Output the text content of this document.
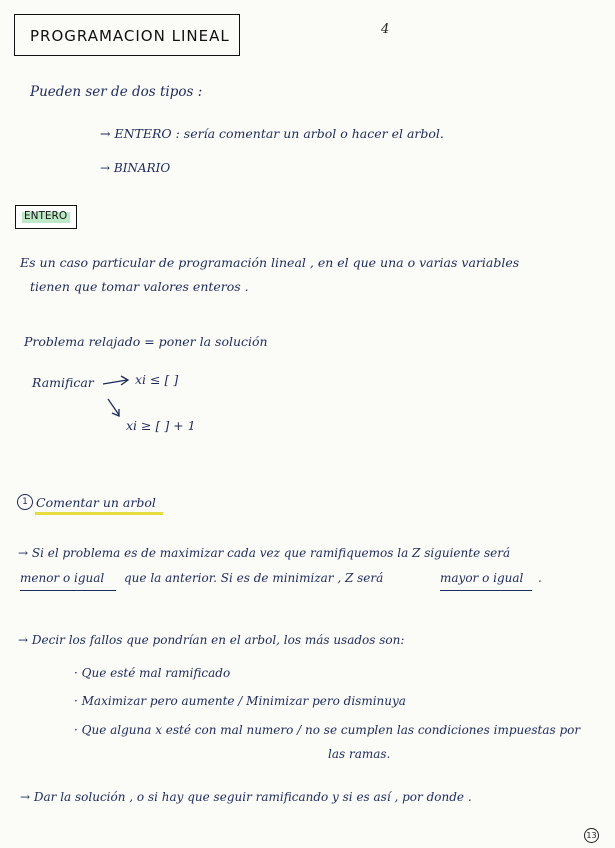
PROGRAMACION LINEAL	4
Pueden ser de dos tipos :
→ ENTERO : sería comentar un arbol o hacer el arbol.
→ BINARIO
ENTERO
Es un caso particular de programación lineal , en el que una o varias variables
tienen que tomar valores enteros .
Problema relajado = poner la solución
Ramificar	xi ≤ [ ]
xi ≥ [ ] + 1
1 Comentar un arbol
→ Si el problema es de maximizar cada vez que ramifiquemos la Z siguiente será
menor o igual que la anterior. Si es de minimizar , Z será	mayor o igual .
→ Decir los fallos que pondrían en el arbol, los más usados son:
· Que esté mal ramificado
· Maximizar pero aumente / Minimizar pero disminuya
· Que alguna x esté con mal numero / no se cumplen las condiciones impuestas por
las ramas.
→ Dar la solución , o si hay que seguir ramificando y si es así , por donde .
13
